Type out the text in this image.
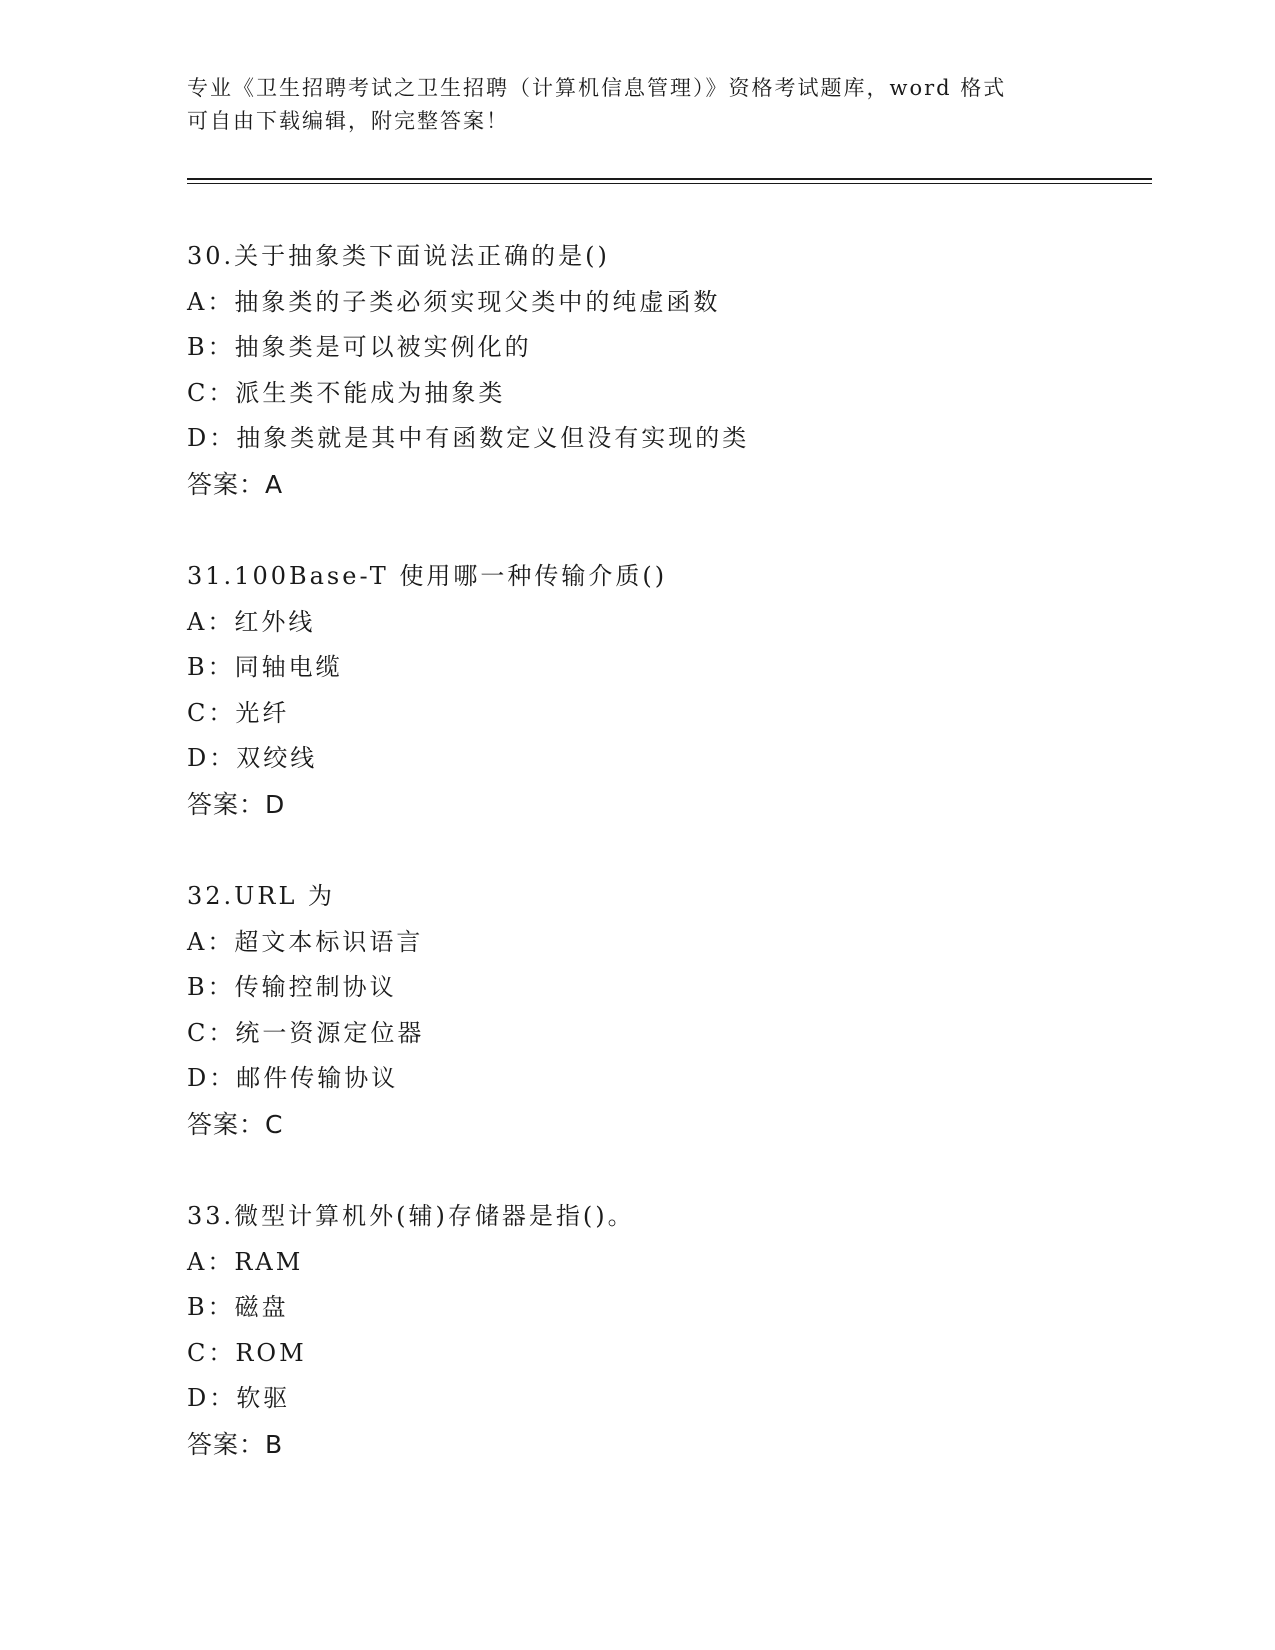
专业《卫生招聘考试之卫生招聘（计算机信息管理）》资格考试题库，word 格式
可自由下载编辑，附完整答案！
30.关于抽象类下面说法正确的是()
A：抽象类的子类必须实现父类中的纯虚函数
B：抽象类是可以被实例化的
C：派生类不能成为抽象类
D：抽象类就是其中有函数定义但没有实现的类
答案：A
31.100Base-T 使用哪一种传输介质()
A：红外线
B：同轴电缆
C：光纤
D：双绞线
答案：D
32.URL 为
A：超文本标识语言
B：传输控制协议
C：统一资源定位器
D：邮件传输协议
答案：C
33.微型计算机外(辅)存储器是指()。
A：RAM
B：磁盘
C：ROM
D：软驱
答案：B
